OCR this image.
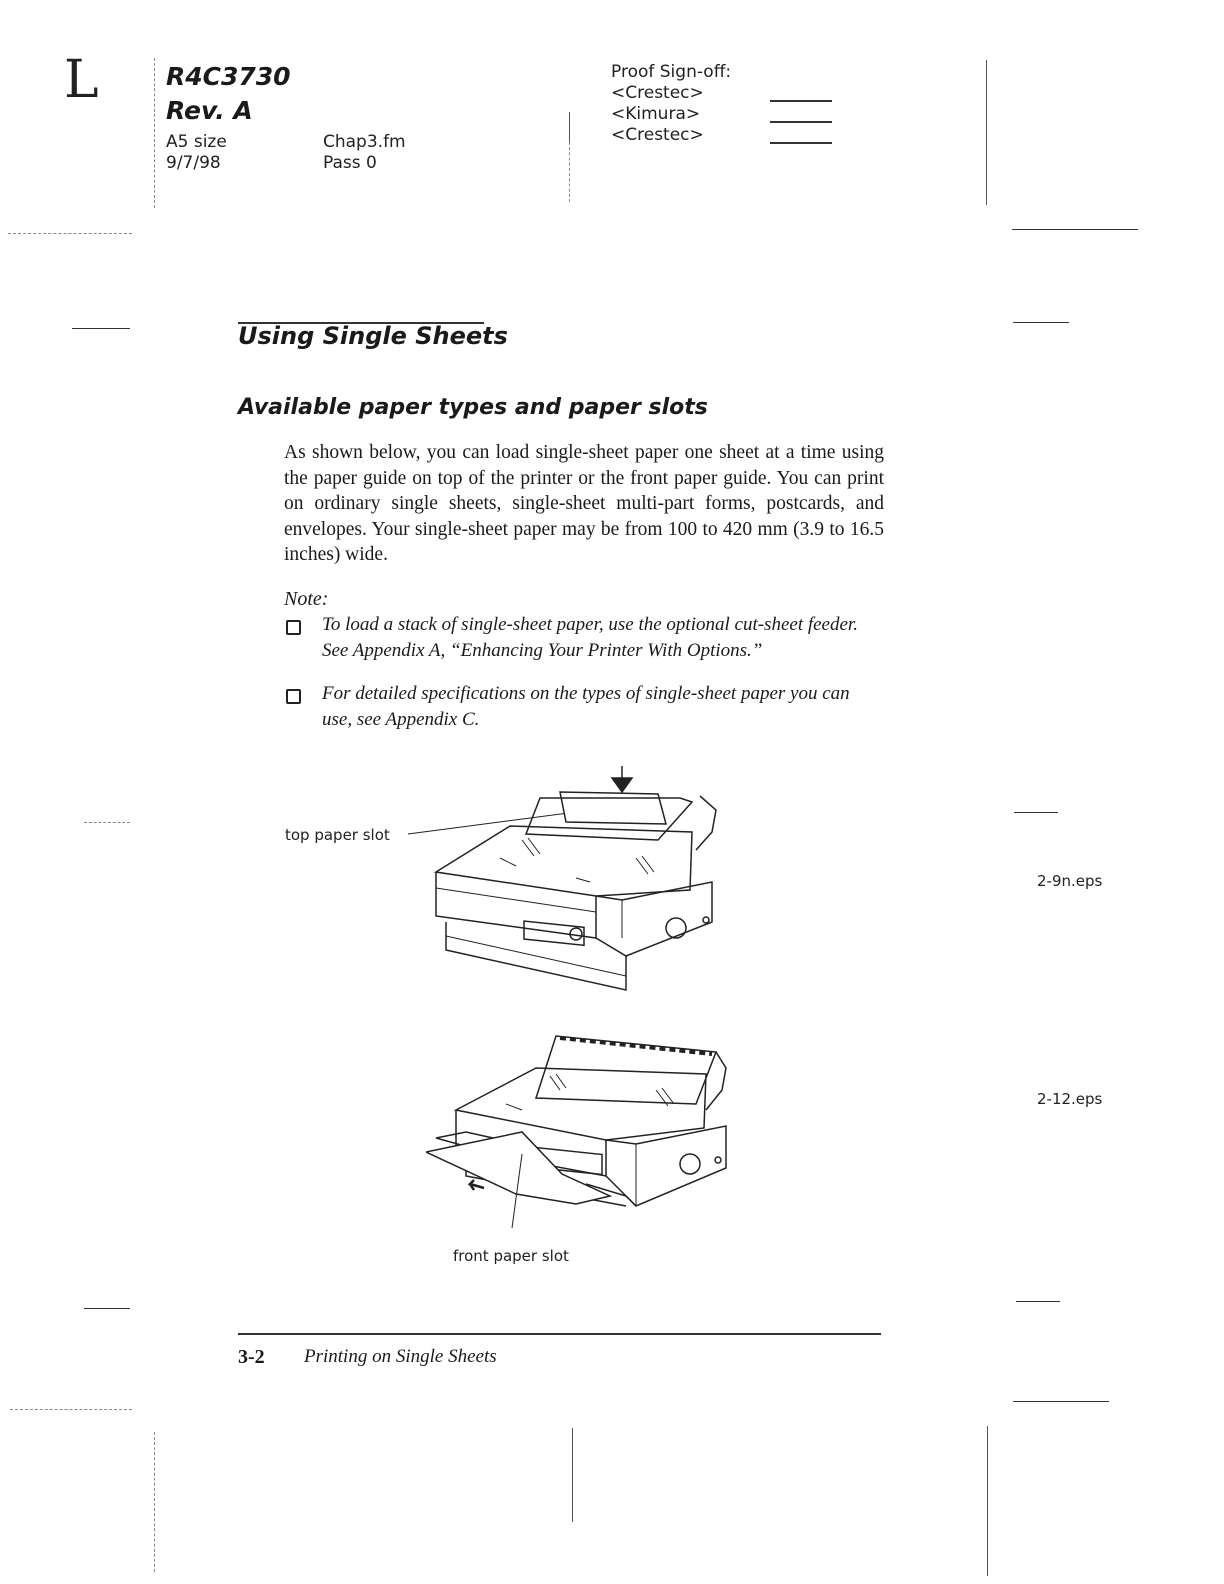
L	R4C3730
Rev. A
A5 size
9/7/98
Chap3.fm
Pass 0
Proof Sign-off:
<Crestec>
<Kimura>
<Crestec>
Using Single Sheets
Available paper types and paper slots
As shown below, you can load single-sheet paper one sheet at a time using the paper guide on top of the printer or the front paper guide. You can print on ordinary single sheets, single-sheet multi-part forms, postcards, and envelopes. Your single-sheet paper may be from 100 to 420 mm (3.9 to 16.5 inches) wide.
Note:
To load a stack of single-sheet paper, use the optional cut-sheet feeder. See Appendix A, “Enhancing Your Printer With Options.”
For detailed specifications on the types of single-sheet paper you can use, see Appendix C.
top paper slot
2-9n.eps
2-12.eps
front paper slot
3-2 Printing on Single Sheets
